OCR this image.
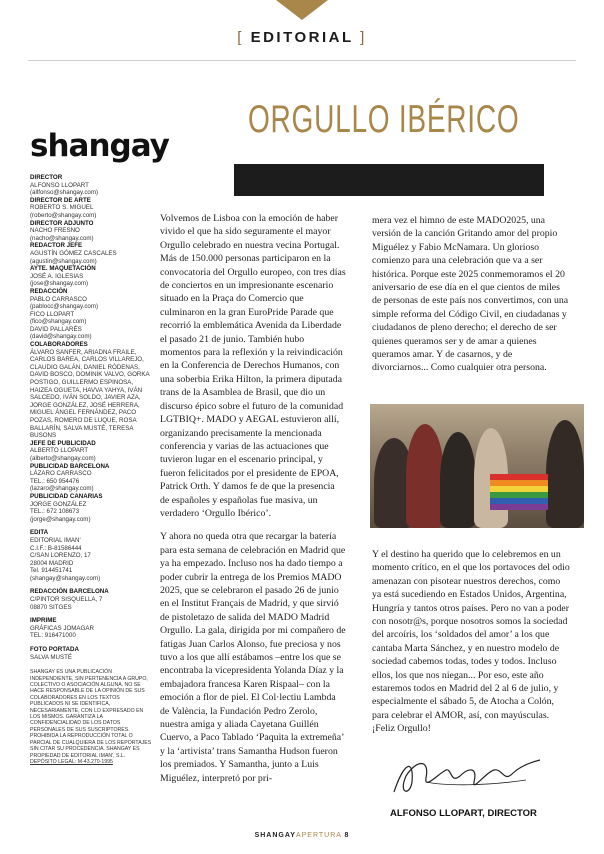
[ EDITORIAL ]
ORGULLO IBÉRICO
shangay
DIRECTOR
ALFONSO LLOPART
(allfonso@shangay.com)
DIRECTOR DE ARTE
ROBERTO S. MIGUEL
(roberto@shangay.com)
DIRECTOR ADJUNTO
NACHO FRESNO
(nacho@shangay.com)
REDACTOR JEFE
AGUSTÍN GÓMEZ CASCALES
(agustin@shangay.com)
AYTE. MAQUETACIÓN
JOSÉ A. IGLESIAS
(jose@shangay.com)
REDACCIÓN
PABLO CARRASCO
(pablocc@shangay.com)
FICO LLOPART
(fico@shangay.com)
DAVID PALLARÉS
(david@shangay.com)
COLABORADORES
ÁLVARO SANFER, ARIADNA FRAILE, CARLOS BAREA, CARLOS VILLAREJO, CLAUDIO GALÁN, DANIEL RÓDENAS, DAVID BOSCO, DOMINIK VALVO, GORKA POSTIGO, GUILLERMO ESPINOSA, HAIZEA OGUETA, HAVVA YAHYA, IVÁN SALCEDO, IVÁN SOLDO, JAVIER AZA, JORGE GONZÁLEZ, JOSÉ HERRERA, MIGUEL ÁNGEL FERNÁNDEZ, PACO POZAS, ROMERO DE LUQUE, ROSA BALLARÍN, SALVA MUSTÉ, TERESA BUSONS
JEFE DE PUBLICIDAD
ALBERTO LLOPART
(alberto@shangay.com)
PUBLICIDAD BARCELONA
LÁZARO CARRASCO
TEL.: 650 954476
(lazaro@shangay.com)
PUBLICIDAD CANARIAS
JORGE GONZÁLEZ
TEL.: 672 108673
(jorge@shangay.com)
EDITA
EDITORIAL IMAN'
C.I.F.: B-81586444
C/SAN LORENZO, 17
28004 MADRID
Tel. 914451741
(shangay@shangay.com)
REDACCIÓN BARCELONA
C/PINTOR SISQUELLA, 7
08870 SITGES
IMPRIME
GRÁFICAS JOMAGAR
TEL: 916471000
FOTO PORTADA
SALVA MUSTÉ
SHANGAY ES UNA PUBLICACIÓN INDEPENDIENTE, SIN PERTENENCIA A GRUPO, COLECTIVO O ASOCIACIÓN ALGUNA. NO SE HACE RESPONSABLE DE LA OPINIÓN DE SUS COLABORADORES EN LOS TEXTOS PUBLICADOS NI SE IDENTIFICA, NECESARIAMENTE, CON LO EXPRESADO EN LOS MISMOS. GARANTIZA LA CONFIDENCIALIDAD DE LOS DATOS PERSONALES DE SUS SUSCRIPTORES. PROHIBIDA LA REPRODUCCIÓN TOTAL O PARCIAL DE CUALQUIERA DE LOS REPORTAJES SIN CITAR SU PROCEDENCIA. SHANGAY ES PROPIEDAD DE EDITORIAL IMAN', S.L.
DEPÓSITO LEGAL: M-43.270-1995

Volvemos de Lisboa con la emoción de haber vivido el que ha sido seguramente el mayor Orgullo celebrado en nuestra vecina Portugal. Más de 150.000 personas participaron en la convocatoria del Orgullo europeo, con tres días de conciertos en un impresionante escenario situado en la Praça do Comercio que culminaron en la gran EuroPride Parade que recorrió la emblemática Avenida da Liberdade el pasado 21 de junio. También hubo momentos para la reflexión y la reivindicación en la Conferencia de Derechos Humanos, con una soberbia Erika Hilton, la primera diputada trans de la Asamblea de Brasil, que dio un discurso épico sobre el futuro de la comunidad LGTBIQ+. MADO y AEGAL estuvieron allí, organizando precisamente la mencionada conferencia y varias de las actuaciones que tuvieron lugar en el escenario principal, y fueron felicitados por el presidente de EPOA, Patrick Orth. Y damos fe de que la presencia de españoles y españolas fue masiva, un verdadero ‘Orgullo Ibérico’.

Y ahora no queda otra que recargar la batería para esta semana de celebración en Madrid que ya ha empezado. Incluso nos ha dado tiempo a poder cubrir la entrega de los Premios MADO 2025, que se celebraron el pasado 26 de junio en el Institut Français de Madrid, y que sirvió de pistoletazo de salida del MADO Madrid Orgullo. La gala, dirigida por mi compañero de fatigas Juan Carlos Alonso, fue preciosa y nos tuvo a los que allí estábamos –entre los que se encontraba la vicepresidenta Yolanda Díaz y la embajadora francesa Karen Rispaal– con la emoción a flor de piel. El Col·lectiu Lambda de València, la Fundación Pedro Zerolo, nuestra amiga y aliada Cayetana Guillén Cuervo, a Paco Tablado ‘Paquita la extremeña’ y la ‘artivista’ trans Samantha Hudson fueron los premiados. Y Samantha, junto a Luis Miguélez, interpretó por pri-

mera vez el himno de este MADO2025, una versión de la canción Gritando amor del propio Miguélez y Fabio McNamara. Un glorioso comienzo para una celebración que va a ser histórica. Porque este 2025 conmemoramos el 20 aniversario de ese día en el que cientos de miles de personas de este país nos convertimos, con una simple reforma del Código Civil, en ciudadanas y ciudadanos de pleno derecho; el derecho de ser quienes queramos ser y de amar a quienes queramos amar. Y de casarnos, y de divorciarnos... Como cualquier otra persona.

Y el destino ha querido que lo celebremos en un momento crítico, en el que los portavoces del odio amenazan con pisotear nuestros derechos, como ya está sucediendo en Estados Unidos, Argentina, Hungría y tantos otros países. Pero no van a poder con nosotr@s, porque nosotros somos la sociedad del arcoíris, los ‘soldados del amor’ a los que cantaba Marta Sánchez, y en nuestro modelo de sociedad cabemos todas, todes y todos. Incluso ellos, los que nos niegan... Por eso, este año estaremos todos en Madrid del 2 al 6 de julio, y especialmente el sábado 5, de Atocha a Colón, para celebrar el AMOR, así, con mayúsculas. ¡Feliz Orgullo!

ALFONSO LLOPART, DIRECTOR
SHANGAYAPERTURA 8
